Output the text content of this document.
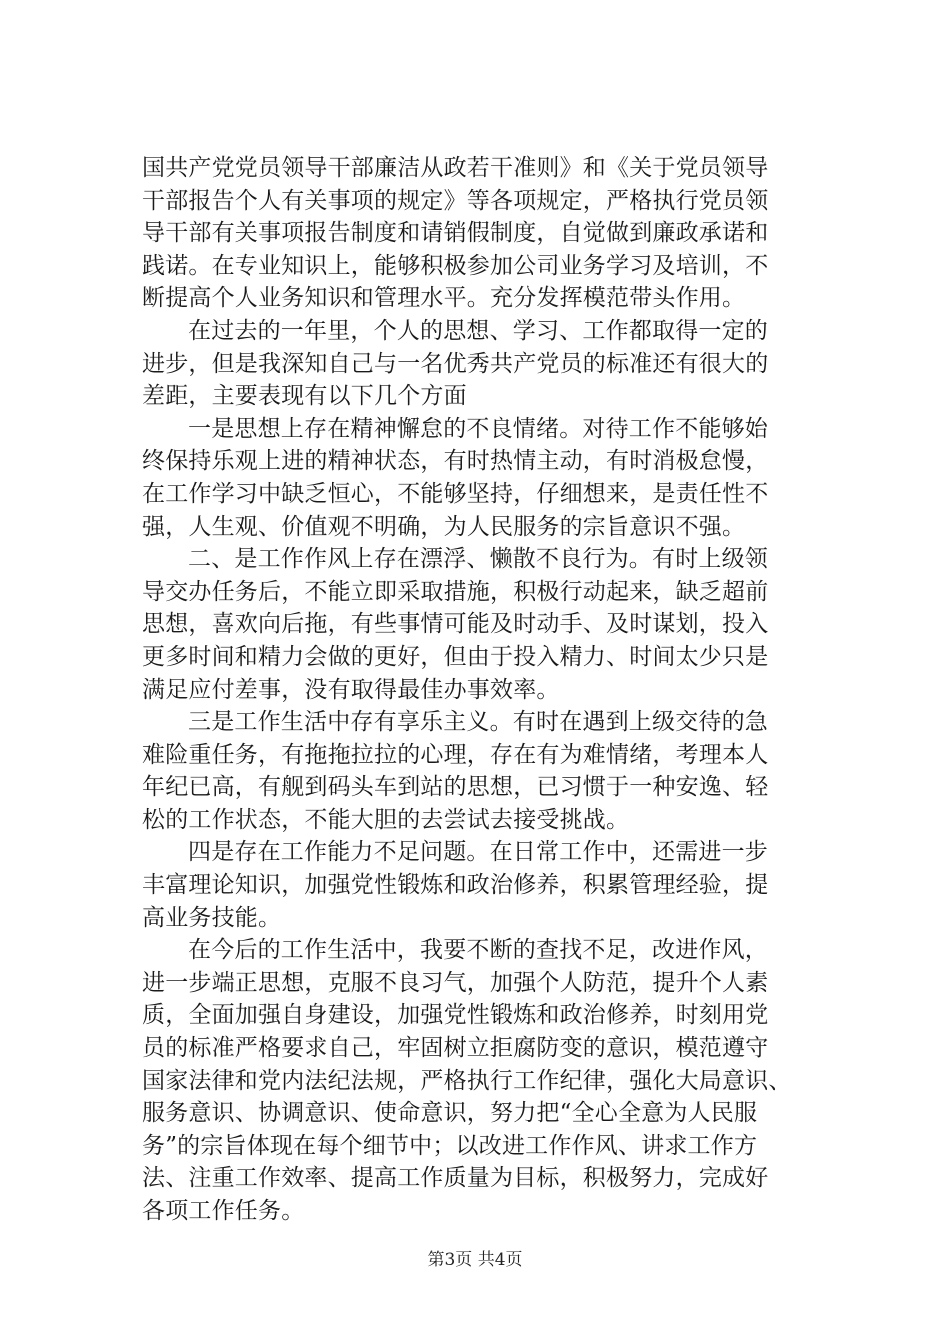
国共产党党员领导干部廉洁从政若干准则》和《关于党员领导
干部报告个人有关事项的规定》等各项规定，严格执行党员领
导干部有关事项报告制度和请销假制度，自觉做到廉政承诺和
践诺。在专业知识上，能够积极参加公司业务学习及培训，不
断提高个人业务知识和管理水平。充分发挥模范带头作用。
在过去的一年里，个人的思想、学习、工作都取得一定的
进步，但是我深知自己与一名优秀共产党员的标准还有很大的
差距，主要表现有以下几个方面
一是思想上存在精神懈怠的不良情绪。对待工作不能够始
终保持乐观上进的精神状态，有时热情主动，有时消极怠慢，
在工作学习中缺乏恒心，不能够坚持，仔细想来，是责任性不
强，人生观、价值观不明确，为人民服务的宗旨意识不强。
二、是工作作风上存在漂浮、懒散不良行为。有时上级领
导交办任务后，不能立即采取措施，积极行动起来，缺乏超前
思想，喜欢向后拖，有些事情可能及时动手、及时谋划，投入
更多时间和精力会做的更好，但由于投入精力、时间太少只是
满足应付差事，没有取得最佳办事效率。
三是工作生活中存有享乐主义。有时在遇到上级交待的急
难险重任务，有拖拖拉拉的心理，存在有为难情绪，考理本人
年纪已高，有舰到码头车到站的思想，已习惯于一种安逸、轻
松的工作状态，不能大胆的去尝试去接受挑战。
四是存在工作能力不足问题。在日常工作中，还需进一步
丰富理论知识，加强党性锻炼和政治修养，积累管理经验，提
高业务技能。
在今后的工作生活中，我要不断的查找不足，改进作风，
进一步端正思想，克服不良习气，加强个人防范，提升个人素
质，全面加强自身建设，加强党性锻炼和政治修养，时刻用党
员的标准严格要求自己，牢固树立拒腐防变的意识，模范遵守
国家法律和党内法纪法规，严格执行工作纪律，强化大局意识、
服务意识、协调意识、使命意识，努力把“全心全意为人民服
务”的宗旨体现在每个细节中；以改进工作作风、讲求工作方
法、注重工作效率、提高工作质量为目标，积极努力，完成好
各项工作任务。
第3页 共4页
